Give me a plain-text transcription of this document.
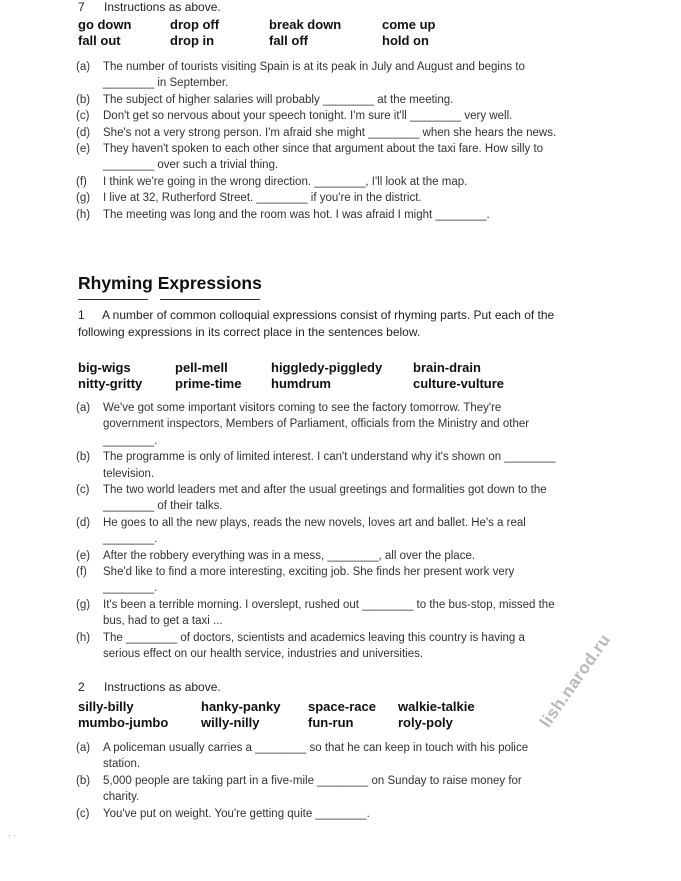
7 Instructions as above.
go down	drop off	break down	come up
fall out	drop in	fall off	hold on
(a)	The number of tourists visiting Spain is at its peak in July and August and begins to ________ in September.
(b)	The subject of higher salaries will probably ________ at the meeting.
(c)	Don't get so nervous about your speech tonight. I'm sure it'll ________ very well.
(d)	She's not a very strong person. I'm afraid she might ________ when she hears the news.
(e)	They haven't spoken to each other since that argument about the taxi fare. How silly to ________ over such a trivial thing.
(f)	I think we're going in the wrong direction. ________, I'll look at the map.
(g)	I live at 32, Rutherford Street. ________ if you're in the district.
(h)	The meeting was long and the room was hot. I was afraid I might ________.
Rhyming Expressions
1 A number of common colloquial expressions consist of rhyming parts. Put each of the following expressions in its correct place in the sentences below.
big-wigs	pell-mell	higgledy-piggledy brain-drain
nitty-gritty	prime-time humdrum	culture-vulture
(a)	We've got some important visitors coming to see the factory tomorrow. They're government inspectors, Members of Parliament, officials from the Ministry and other ________.
(b)	The programme is only of limited interest. I can't understand why it's shown on ________ television.
(c)	The two world leaders met and after the usual greetings and formalities got down to the ________ of their talks.
(d)	He goes to all the new plays, reads the new novels, loves art and ballet. He's a real ________.
(e)	After the robbery everything was in a mess, ________, all over the place.
(f)	She'd like to find a more interesting, exciting job. She finds her present work very ________.
(g)	It's been a terrible morning. I overslept, rushed out ________ to the bus-stop, missed the bus, had to get a taxi ...
(h)	The ________ of doctors, scientists and academics leaving this country is having a serious effect on our health service, industries and universities.
2 Instructions as above.
silly-billy	hanky-panky space-race walkie-talkie
mumbo-jumbo	willy-nilly	fun-run	roly-poly
(a)	A policeman usually carries a ________ so that he can keep in touch with his police station.
(b)	5,000 people are taking part in a five-mile ________ on Sunday to raise money for charity.
(c)	You've put on weight. You're getting quite ________.
lish.narod.ru
· ·
